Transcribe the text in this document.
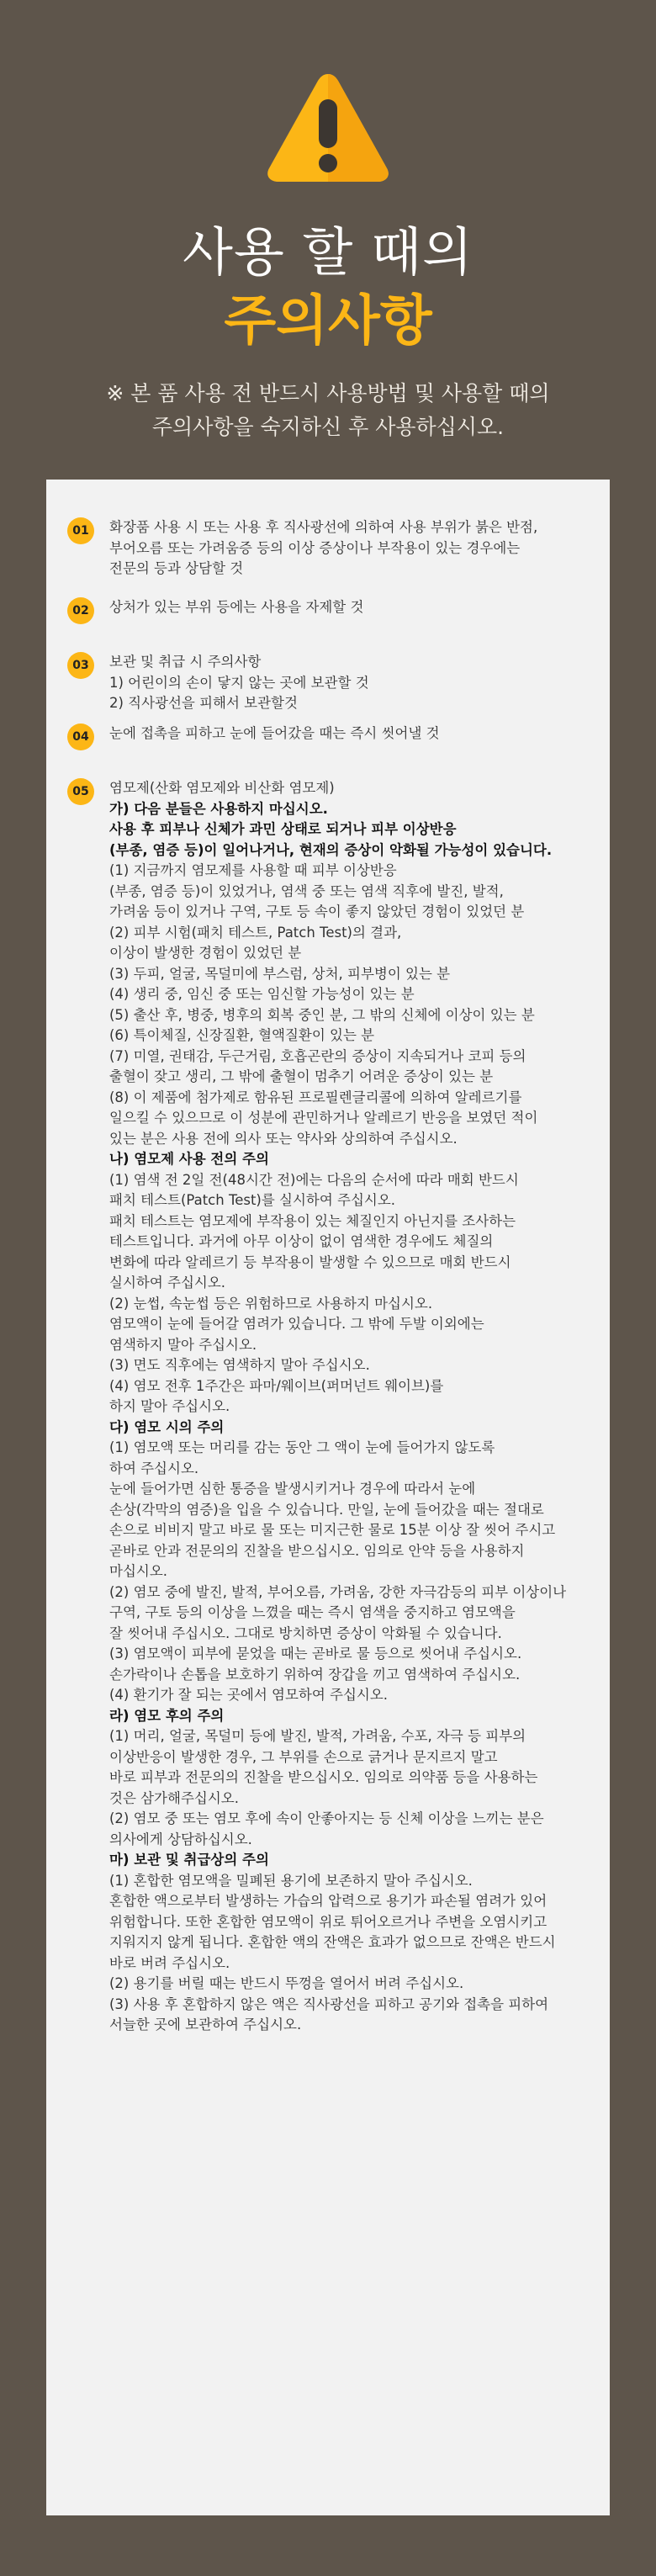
사용 할 때의
주의사항
※ 본 품 사용 전 반드시 사용방법 및 사용할 때의
주의사항을 숙지하신 후 사용하십시오.
01	화장품 사용 시 또는 사용 후 직사광선에 의하여 사용 부위가 붉은 반점,
부어오름 또는 가려움증 등의 이상 증상이나 부작용이 있는 경우에는
전문의 등과 상담할 것
02	상처가 있는 부위 등에는 사용을 자제할 것
03	보관 및 취급 시 주의사항
1) 어린이의 손이 닿지 않는 곳에 보관할 것
2) 직사광선을 피해서 보관할것
04	눈에 접촉을 피하고 눈에 들어갔을 때는 즉시 씻어낼 것
05	염모제(산화 염모제와 비산화 염모제)
가) 다음 분들은 사용하지 마십시오.
사용 후 피부나 신체가 과민 상태로 되거나 피부 이상반응
(부종, 염증 등)이 일어나거나, 현재의 증상이 악화될 가능성이 있습니다.
(1) 지금까지 염모제를 사용할 때 피부 이상반응
(부종, 염증 등)이 있었거나, 염색 중 또는 염색 직후에 발진, 발적,
가려움 등이 있거나 구역, 구토 등 속이 좋지 않았던 경험이 있었던 분
(2) 피부 시험(패치 테스트, Patch Test)의 결과,
이상이 발생한 경험이 있었던 분
(3) 두피, 얼굴, 목덜미에 부스럼, 상처, 피부병이 있는 분
(4) 생리 중, 임신 중 또는 임신할 가능성이 있는 분
(5) 출산 후, 병중, 병후의 회복 중인 분, 그 밖의 신체에 이상이 있는 분
(6) 특이체질, 신장질환, 혈액질환이 있는 분
(7) 미열, 권태감, 두근거림, 호흡곤란의 증상이 지속되거나 코피 등의
출혈이 잦고 생리, 그 밖에 출혈이 멈추기 어려운 증상이 있는 분
(8) 이 제품에 첨가제로 함유된 프로필렌글리콜에 의하여 알레르기를
일으킬 수 있으므로 이 성분에 관민하거나 알레르기 반응을 보였던 적이
있는 분은 사용 전에 의사 또는 약사와 상의하여 주십시오.
나) 염모제 사용 전의 주의
(1) 염색 전 2일 전(48시간 전)에는 다음의 순서에 따라 매회 반드시
패치 테스트(Patch Test)를 실시하여 주십시오.
패치 테스트는 염모제에 부작용이 있는 체질인지 아닌지를 조사하는
테스트입니다. 과거에 아무 이상이 없이 염색한 경우에도 체질의
변화에 따라 알레르기 등 부작용이 발생할 수 있으므로 매회 반드시
실시하여 주십시오.
(2) 눈썹, 속눈썹 등은 위험하므로 사용하지 마십시오.
염모액이 눈에 들어갈 염려가 있습니다. 그 밖에 두발 이외에는
염색하지 말아 주십시오.
(3) 면도 직후에는 염색하지 말아 주십시오.
(4) 염모 전후 1주간은 파마/웨이브(퍼머넌트 웨이브)를
하지 말아 주십시오.
다) 염모 시의 주의
(1) 염모액 또는 머리를 감는 동안 그 액이 눈에 들어가지 않도록
하여 주십시오.
눈에 들어가면 심한 통증을 발생시키거나 경우에 따라서 눈에
손상(각막의 염증)을 입을 수 있습니다. 만일, 눈에 들어갔을 때는 절대로
손으로 비비지 말고 바로 물 또는 미지근한 물로 15분 이상 잘 씻어 주시고
곧바로 안과 전문의의 진찰을 받으십시오. 임의로 안약 등을 사용하지
마십시오.
(2) 염모 중에 발진, 발적, 부어오름, 가려움, 강한 자극감등의 피부 이상이나
구역, 구토 등의 이상을 느꼈을 때는 즉시 염색을 중지하고 염모액을
잘 씻어내 주십시오. 그대로 방치하면 증상이 악화될 수 있습니다.
(3) 염모액이 피부에 묻었을 때는 곧바로 물 등으로 씻어내 주십시오.
손가락이나 손톱을 보호하기 위하여 장갑을 끼고 염색하여 주십시오.
(4) 환기가 잘 되는 곳에서 염모하여 주십시오.
라) 염모 후의 주의
(1) 머리, 얼굴, 목덜미 등에 발진, 발적, 가려움, 수포, 자극 등 피부의
이상반응이 발생한 경우, 그 부위를 손으로 긁거나 문지르지 말고
바로 피부과 전문의의 진찰을 받으십시오. 임의로 의약품 등을 사용하는
것은 삼가해주십시오.
(2) 염모 중 또는 염모 후에 속이 안좋아지는 등 신체 이상을 느끼는 분은
의사에게 상담하십시오.
마) 보관 및 취급상의 주의
(1) 혼합한 염모액을 밀폐된 용기에 보존하지 말아 주십시오.
혼합한 액으로부터 발생하는 가습의 압력으로 용기가 파손될 염려가 있어
위험합니다. 또한 혼합한 염모액이 위로 튀어오르거나 주변을 오염시키고
지워지지 않게 됩니다. 혼합한 액의 잔액은 효과가 없으므로 잔액은 반드시
바로 버려 주십시오.
(2) 용기를 버릴 때는 반드시 뚜껑을 열어서 버려 주십시오.
(3) 사용 후 혼합하지 않은 액은 직사광선을 피하고 공기와 접촉을 피하여
서늘한 곳에 보관하여 주십시오.
